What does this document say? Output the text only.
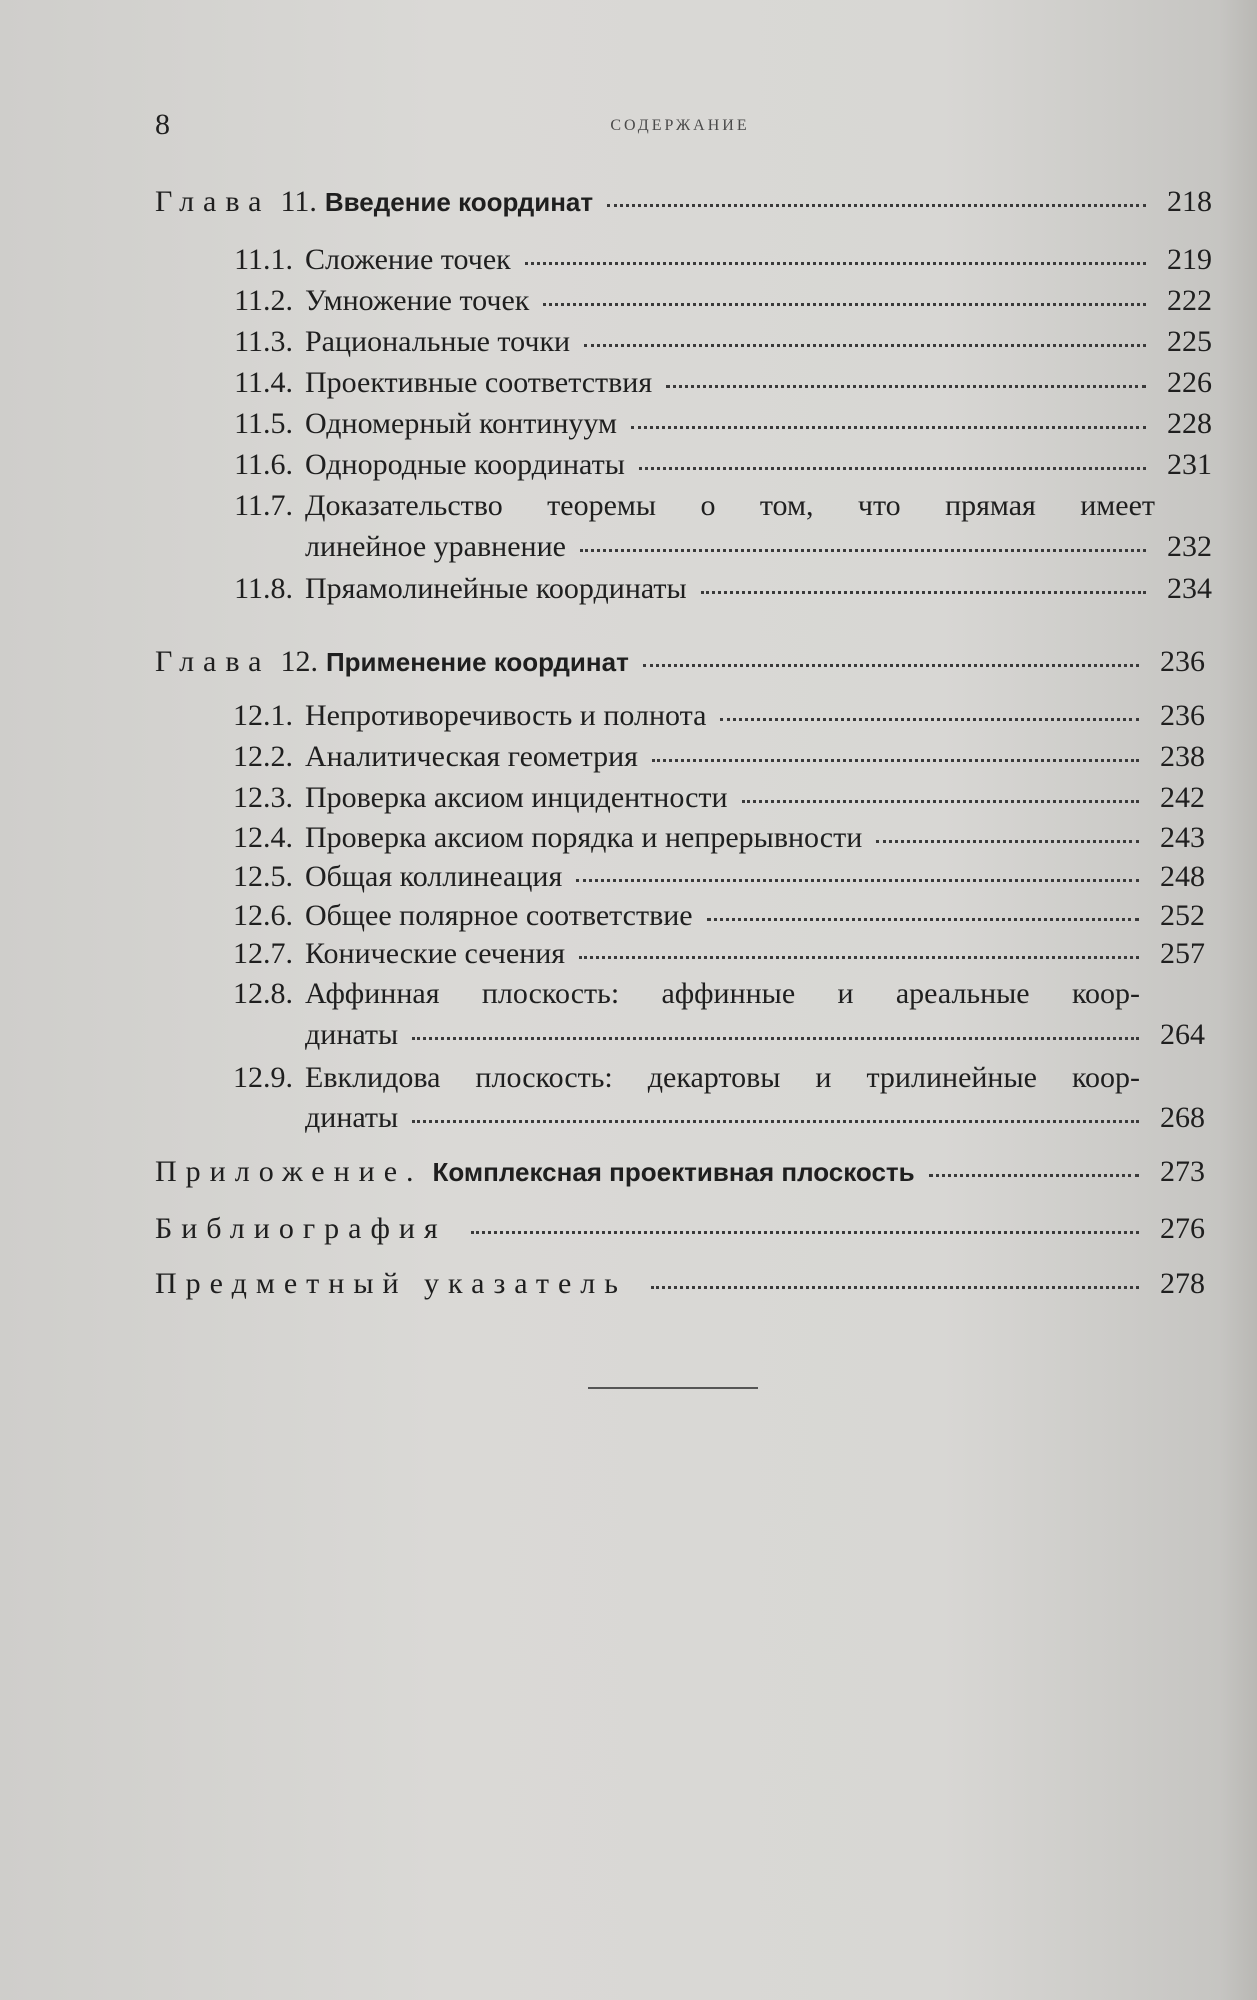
8	содержание
Глава 11. Введение координат	218
11.1. Сложение точек	219
11.2. Умножение точек	222
11.3. Рациональные точки	225
11.4. Проективные соответствия	226
11.5. Одномерный континуум	228
11.6. Однородные координаты	231
11.7. Доказательство теоремы о том, что прямая имеет
линейное уравнение	232
11.8. Пряамолинейные координаты	234
Глава 12. Применение координат	236
12.1. Непротиворечивость и полнота	236
12.2. Аналитическая геометрия	238
12.3. Проверка аксиом инцидентности	242
12.4. Проверка аксиом порядка и непрерывности	243
12.5. Общая коллинеация	248
12.6. Общее полярное соответствие	252
12.7. Конические сечения	257
12.8. Аффинная плоскость: аффинные и ареальные коор-
динаты	264
12.9. Евклидова плоскость: декартовы и трилинейные коор-
динаты	268
Приложение. Комплексная проективная плоскость	273
Библиография	276
Предметный указатель	278
